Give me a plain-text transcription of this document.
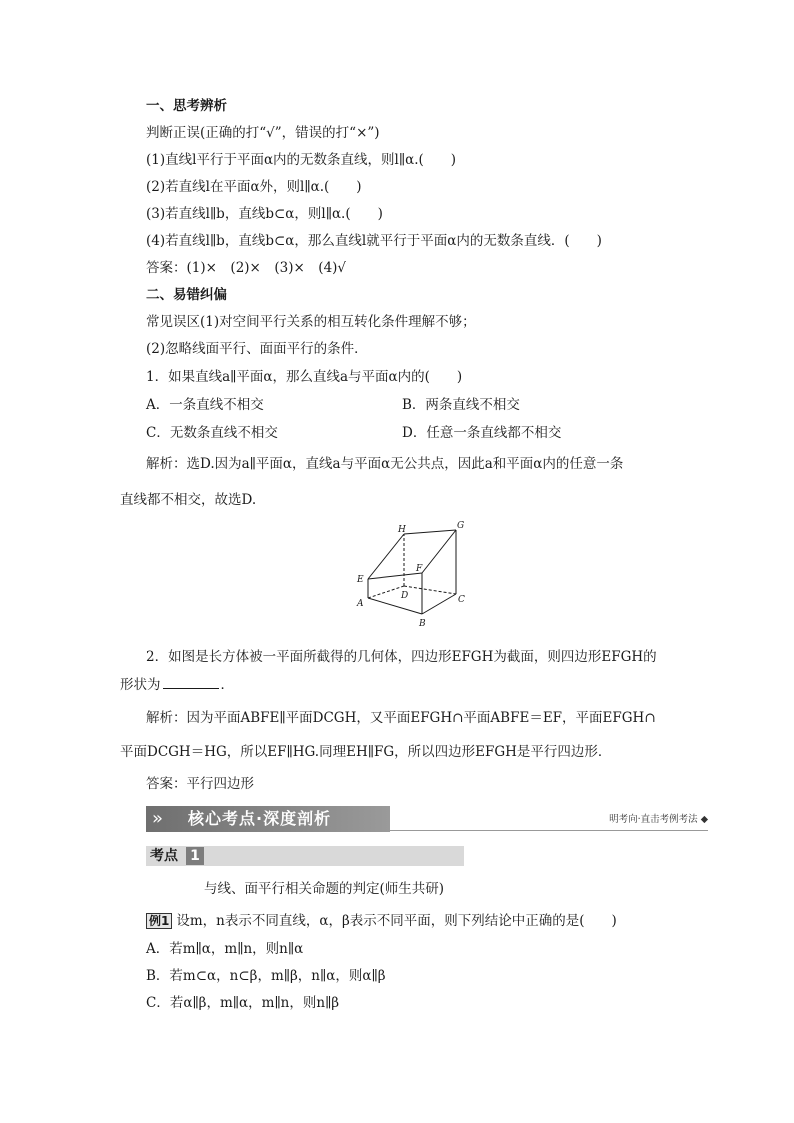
一、思考辨析
判断正误(正确的打“√”，错误的打“×”)
(1)直线l平行于平面α内的无数条直线，则l∥α.(　　)
(2)若直线l在平面α外，则l∥α.(　　)
(3)若直线l∥b，直线b⊂α，则l∥α.(　　)
(4)若直线l∥b，直线b⊂α，那么直线l就平行于平面α内的无数条直线．(　　)
答案：(1)×　(2)×　(3)×　(4)√
二、易错纠偏
常见误区(1)对空间平行关系的相互转化条件理解不够；
(2)忽略线面平行、面面平行的条件．
1．如果直线a∥平面α，那么直线a与平面α内的(　　)
A．一条直线不相交	B．两条直线不相交
C．无数条直线不相交	D．任意一条直线都不相交
解析：选D.因为a∥平面α，直线a与平面α无公共点，因此a和平面α内的任意一条
直线都不相交，故选D.
H	G
E
F
D
A	C
B
2．如图是长方体被一平面所截得的几何体，四边形EFGH为截面，则四边形EFGH的
形状为	．
解析：因为平面ABFE∥平面DCGH，又平面EFGH∩平面ABFE＝EF，平面EFGH∩
平面DCGH＝HG，所以EF∥HG.同理EH∥FG，所以四边形EFGH是平行四边形．
答案：平行四边形
»	核心考点·深度剖析	明考向·直击考例考法 ◆
考点 1
与线、面平行相关命题的判定(师生共研)
例1 设m，n表示不同直线，α，β表示不同平面，则下列结论中正确的是(　　)
A．若m∥α，m∥n，则n∥α
B．若m⊂α，n⊂β，m∥β，n∥α，则α∥β
C．若α∥β，m∥α，m∥n，则n∥β
